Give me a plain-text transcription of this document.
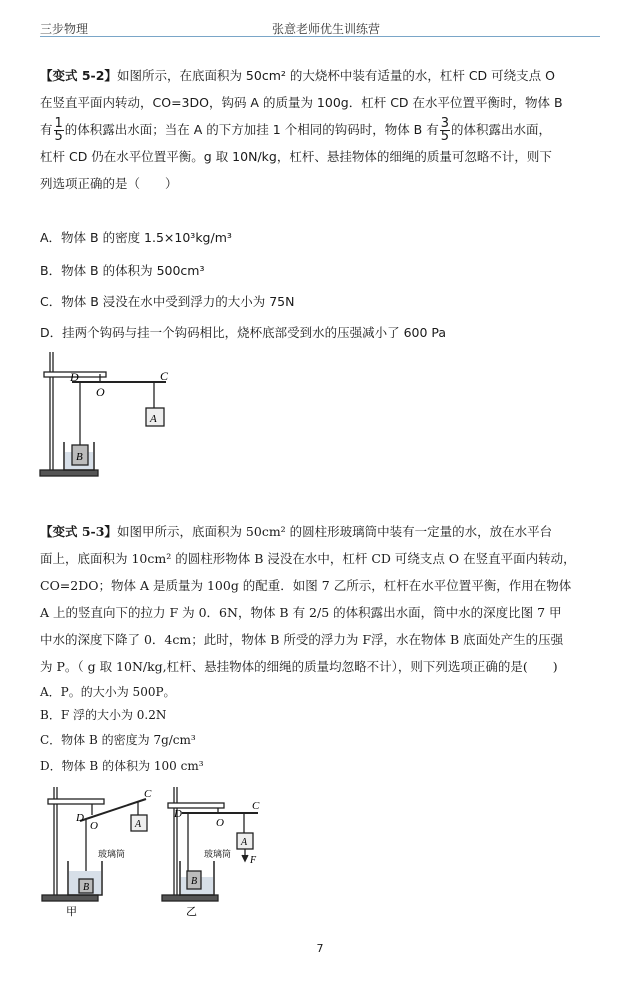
三步物理	张意老师优生训练营
【变式 5-2】如图所示，在底面积为 50cm² 的大烧杯中装有适量的水，杠杆 CD 可绕支点 O
在竖直平面内转动，CO=3DO，钩码 A 的质量为 100g．杠杆 CD 在水平位置平衡时，物体 B
有 $\frac{1}{5}$ 的体积露出水面；当在 A 的下方加挂 1 个相同的钩码时，物体 B 有 $\frac{3}{5}$ 的体积露出水面，
杠杆 CD 仍在水平位置平衡。g 取 10N/kg，杠杆、悬挂物体的细绳的质量可忽略不计，则下
列选项正确的是（　　）
A．物体 B 的密度 1.5×10³kg/m³
B．物体 B 的体积为 500cm³
C．物体 B 浸没在水中受到浮力的大小为 75N
D．挂两个钩码与挂一个钩码相比，烧杯底部受到水的压强减小了 600 Pa
D
O
C
A
B
【变式 5-3】如图甲所示，底面积为 50cm² 的圆柱形玻璃筒中装有一定量的水，放在水平台
面上，底面积为 10cm² 的圆柱形物体 B 浸没在水中，杠杆 CD 可绕支点 O 在竖直平面内转动，
CO=2DO；物体 A 是质量为 100g 的配重．如图 7 乙所示，杠杆在水平位置平衡，作用在物体
A 上的竖直向下的拉力 F 为 0．6N，物体 B 有 2/5 的体积露出水面，筒中水的深度比图 7 甲
中水的深度下降了 0．4cm；此时，物体 B 所受的浮力为 F浮，水在物体 B 底面处产生的压强
为 P。（ g 取 10N/kg,杠杆、悬挂物体的细绳的质量均忽略不计），则下列选项正确的是(　　)
A．P。的大小为 500P。
B．F 浮的大小为 0.2N
C．物体 B 的密度为 7g/cm³
D．物体 B 的体积为 100 cm³
D
O
C
A
B
玻璃筒
甲
D
O
C
A
F
B
玻璃筒
乙
7
